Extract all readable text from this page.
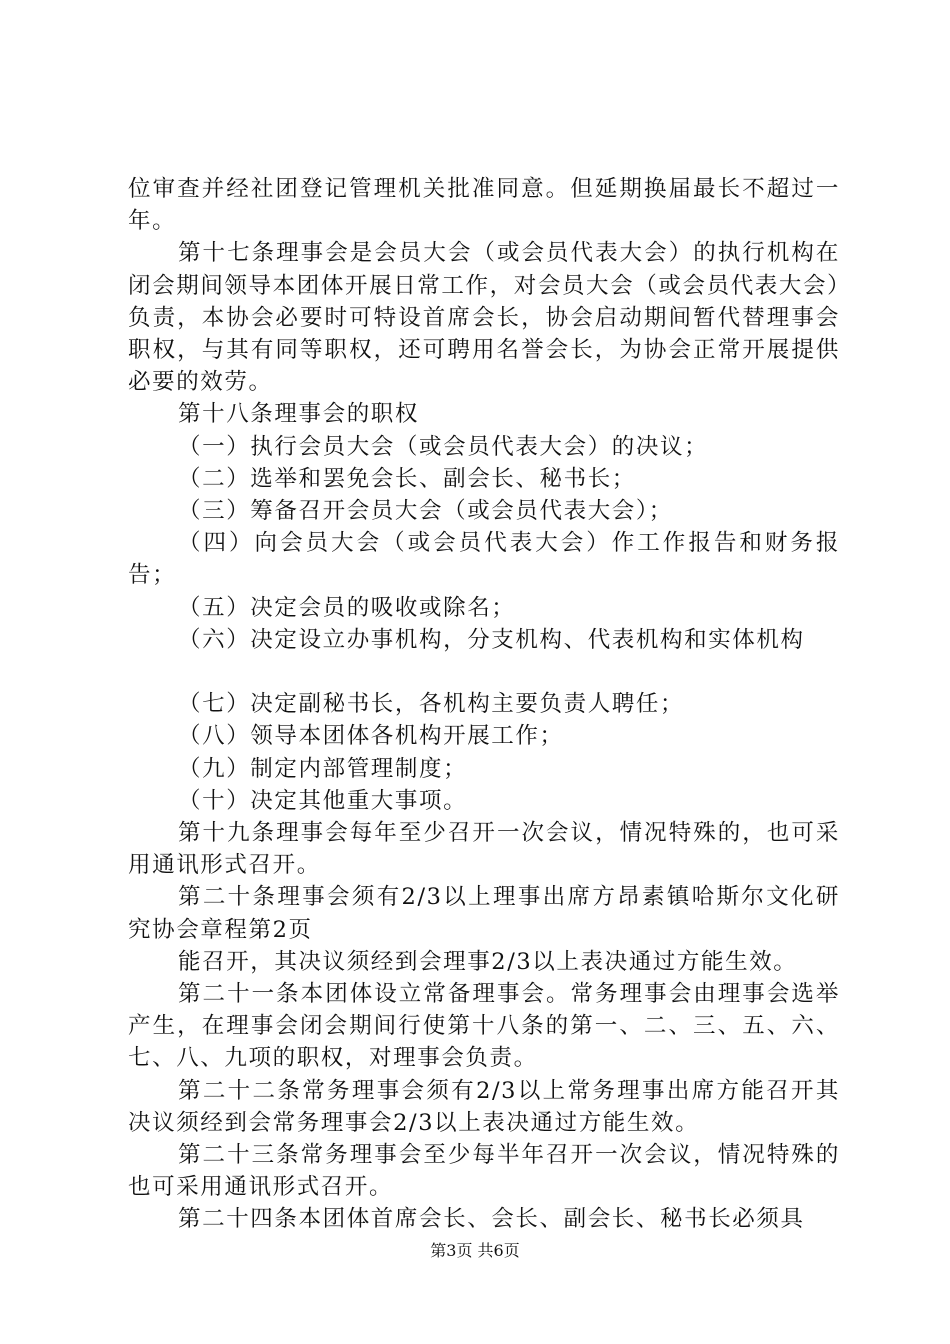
位审查并经社团登记管理机关批准同意。但延期换届最长不超过一年。

第十七条理事会是会员大会（或会员代表大会）的执行机构在闭会期间领导本团体开展日常工作，对会员大会（或会员代表大会）负责，本协会必要时可特设首席会长，协会启动期间暂代替理事会职权，与其有同等职权，还可聘用名誉会长，为协会正常开展提供必要的效劳。

第十八条理事会的职权

（一）执行会员大会（或会员代表大会）的决议；

（二）选举和罢免会长、副会长、秘书长；

（三）筹备召开会员大会（或会员代表大会）；

（四）向会员大会（或会员代表大会）作工作报告和财务报告；

（五）决定会员的吸收或除名；

（六）决定设立办事机构，分支机构、代表机构和实体机构

（七）决定副秘书长，各机构主要负责人聘任；

（八）领导本团体各机构开展工作；

（九）制定内部管理制度；

（十）决定其他重大事项。

第十九条理事会每年至少召开一次会议，情况特殊的，也可采用通讯形式召开。

第二十条理事会须有2/3以上理事出席方昂素镇哈斯尔文化研究协会章程第2页

能召开，其决议须经到会理事2/3以上表决通过方能生效。

第二十一条本团体设立常备理事会。常务理事会由理事会选举产生，在理事会闭会期间行使第十八条的第一、二、三、五、六、七、八、九项的职权，对理事会负责。

第二十二条常务理事会须有2/3以上常务理事出席方能召开其决议须经到会常务理事会2/3以上表决通过方能生效。

第二十三条常务理事会至少每半年召开一次会议，情况特殊的也可采用通讯形式召开。

第二十四条本团体首席会长、会长、副会长、秘书长必须具

第3页 共6页
